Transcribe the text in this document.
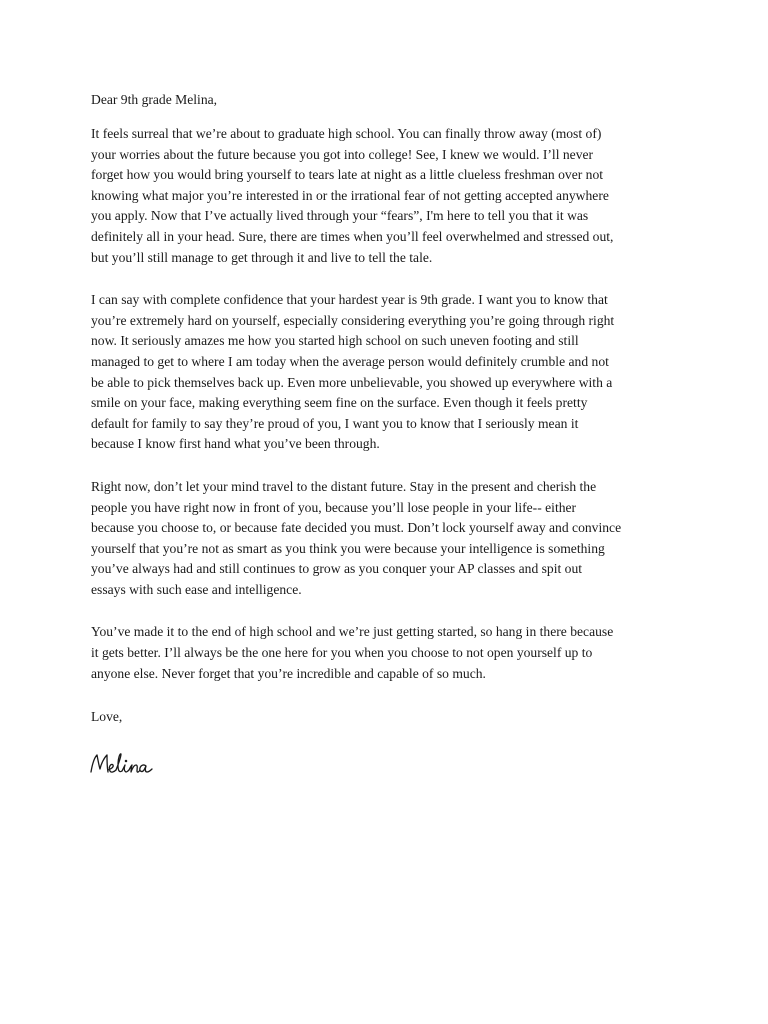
Dear 9th grade Melina,

It feels surreal that we’re about to graduate high school. You can finally throw away (most of)
your worries about the future because you got into college! See, I knew we would. I’ll never
forget how you would bring yourself to tears late at night as a little clueless freshman over not
knowing what major you’re interested in or the irrational fear of not getting accepted anywhere
you apply. Now that I’ve actually lived through your “fears”, I'm here to tell you that it was
definitely all in your head. Sure, there are times when you’ll feel overwhelmed and stressed out,
but you’ll still manage to get through it and live to tell the tale.

I can say with complete confidence that your hardest year is 9th grade. I want you to know that
you’re extremely hard on yourself, especially considering everything you’re going through right
now. It seriously amazes me how you started high school on such uneven footing and still
managed to get to where I am today when the average person would definitely crumble and not
be able to pick themselves back up. Even more unbelievable, you showed up everywhere with a
smile on your face, making everything seem fine on the surface. Even though it feels pretty
default for family to say they’re proud of you, I want you to know that I seriously mean it
because I know first hand what you’ve been through.

Right now, don’t let your mind travel to the distant future. Stay in the present and cherish the
people you have right now in front of you, because you’ll lose people in your life-- either
because you choose to, or because fate decided you must. Don’t lock yourself away and convince
yourself that you’re not as smart as you think you were because your intelligence is something
you’ve always had and still continues to grow as you conquer your AP classes and spit out
essays with such ease and intelligence.

You’ve made it to the end of high school and we’re just getting started, so hang in there because
it gets better. I’ll always be the one here for you when you choose to not open yourself up to
anyone else. Never forget that you’re incredible and capable of so much.

Love,
